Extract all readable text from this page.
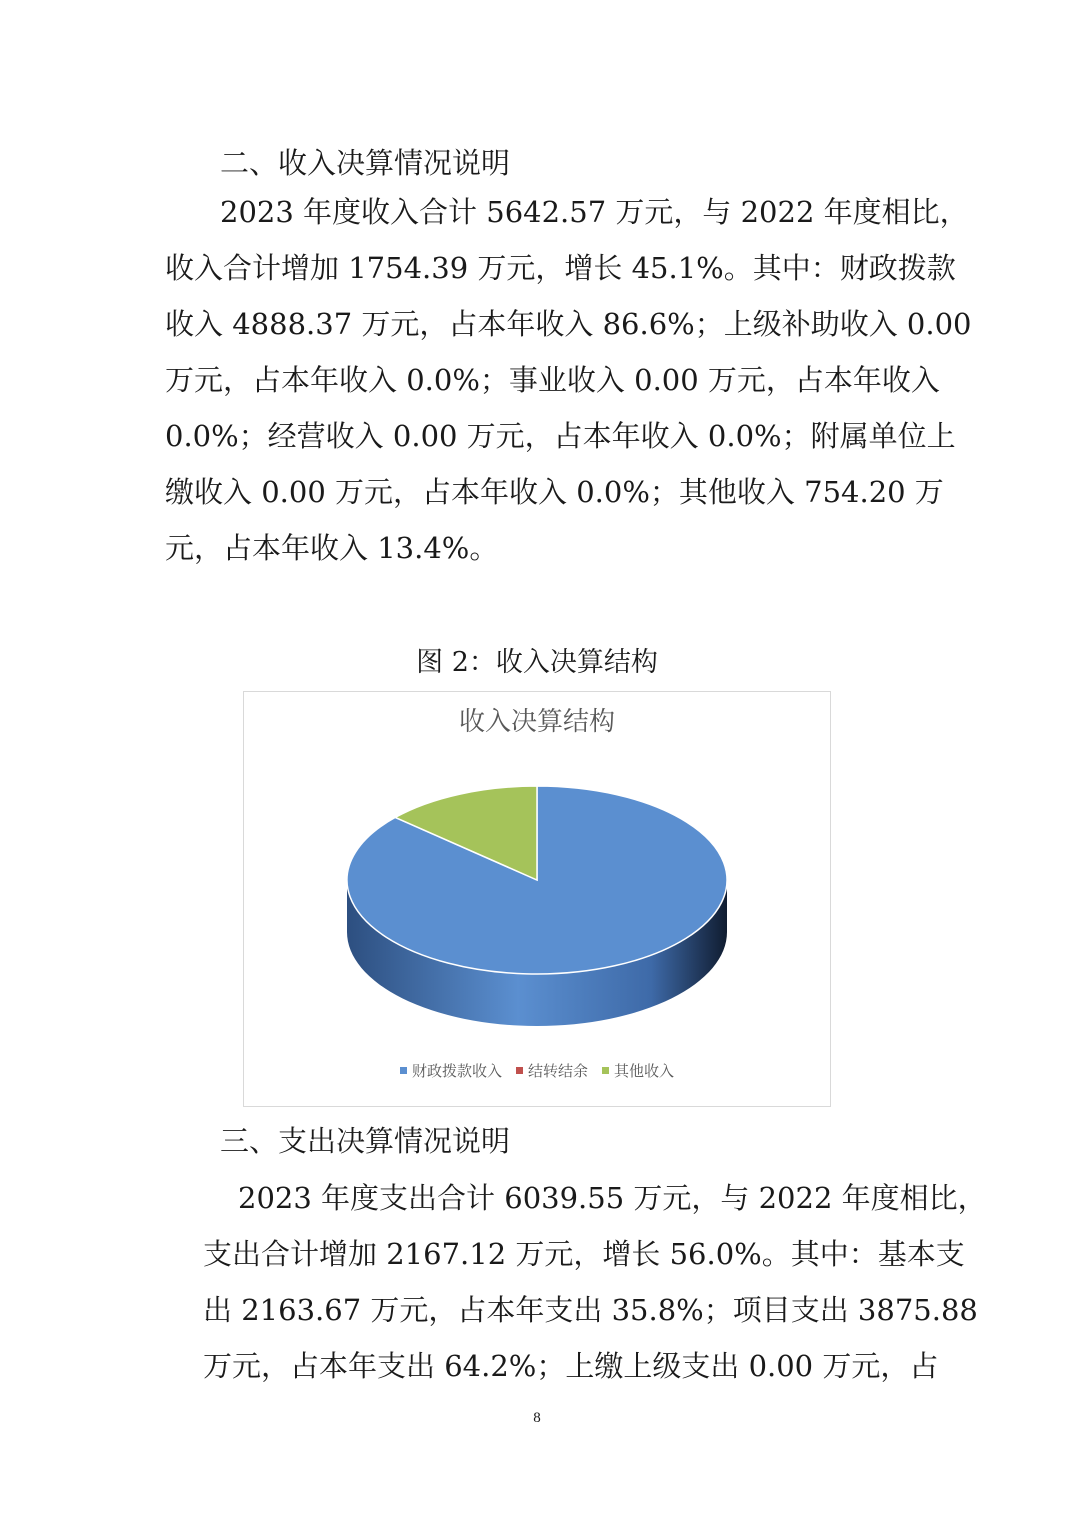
二、收入决算情况说明
2023 年度收入合计 5642.57 万元，与 2022 年度相比，
收入合计增加 1754.39 万元，增长 45.1%。其中：财政拨款
收入 4888.37 万元，占本年收入 86.6%；上级补助收入 0.00
万元，占本年收入 0.0%；事业收入 0.00 万元，占本年收入
0.0%；经营收入 0.00 万元，占本年收入 0.0%；附属单位上
缴收入 0.00 万元，占本年收入 0.0%；其他收入 754.20 万
元，占本年收入 13.4%。
图 2：收入决算结构
收入决算结构
财政拨款收入 结转结余 其他收入
三、支出决算情况说明
2023 年度支出合计 6039.55 万元，与 2022 年度相比，
支出合计增加 2167.12 万元，增长 56.0%。其中：基本支
出 2163.67 万元，占本年支出 35.8%；项目支出 3875.88
万元，占本年支出 64.2%；上缴上级支出 0.00 万元，占
8
